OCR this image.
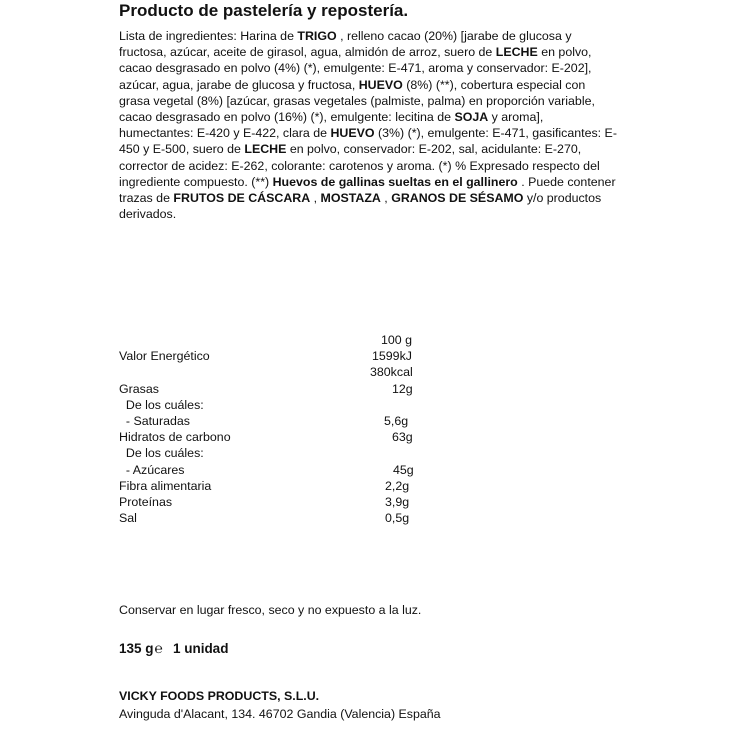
Producto de pastelería y repostería.
Lista de ingredientes: Harina de TRIGO , relleno cacao (20%) [jarabe de glucosa y fructosa, azúcar, aceite de girasol, agua, almidón de arroz, suero de LECHE en polvo, cacao desgrasado en polvo (4%) (*), emulgente: E-471, aroma y conservador: E-202], azúcar, agua, jarabe de glucosa y fructosa, HUEVO (8%) (**), cobertura especial con grasa vegetal (8%) [azúcar, grasas vegetales (palmiste, palma) en proporción variable, cacao desgrasado en polvo (16%) (*), emulgente: lecitina de SOJA y aroma], humectantes: E-420 y E-422, clara de HUEVO (3%) (*), emulgente: E-471, gasificantes: E-450 y E-500, suero de LECHE en polvo, conservador: E-202, sal, acidulante: E-270, corrector de acidez: E-262, colorante: carotenos y aroma. (*) % Expresado respecto del ingrediente compuesto. (**) Huevos de gallinas sueltas en el gallinero . Puede contener trazas de FRUTOS DE CÁSCARA , MOSTAZA , GRANOS DE SÉSAMO y/o productos derivados.
100 g
Valor Energético	1599kJ
380kcal
Grasas	12g
De los cuáles:
- Saturadas	5,6g
Hidratos de carbono	63g
De los cuáles:
- Azúcares	45g
Fibra alimentaria	2,2g
Proteínas	3,9g
Sal	0,5g
Conservar en lugar fresco, seco y no expuesto a la luz.
135 g ℮ 1 unidad
VICKY FOODS PRODUCTS, S.L.U.
Avinguda d'Alacant, 134. 46702 Gandia (Valencia) España
